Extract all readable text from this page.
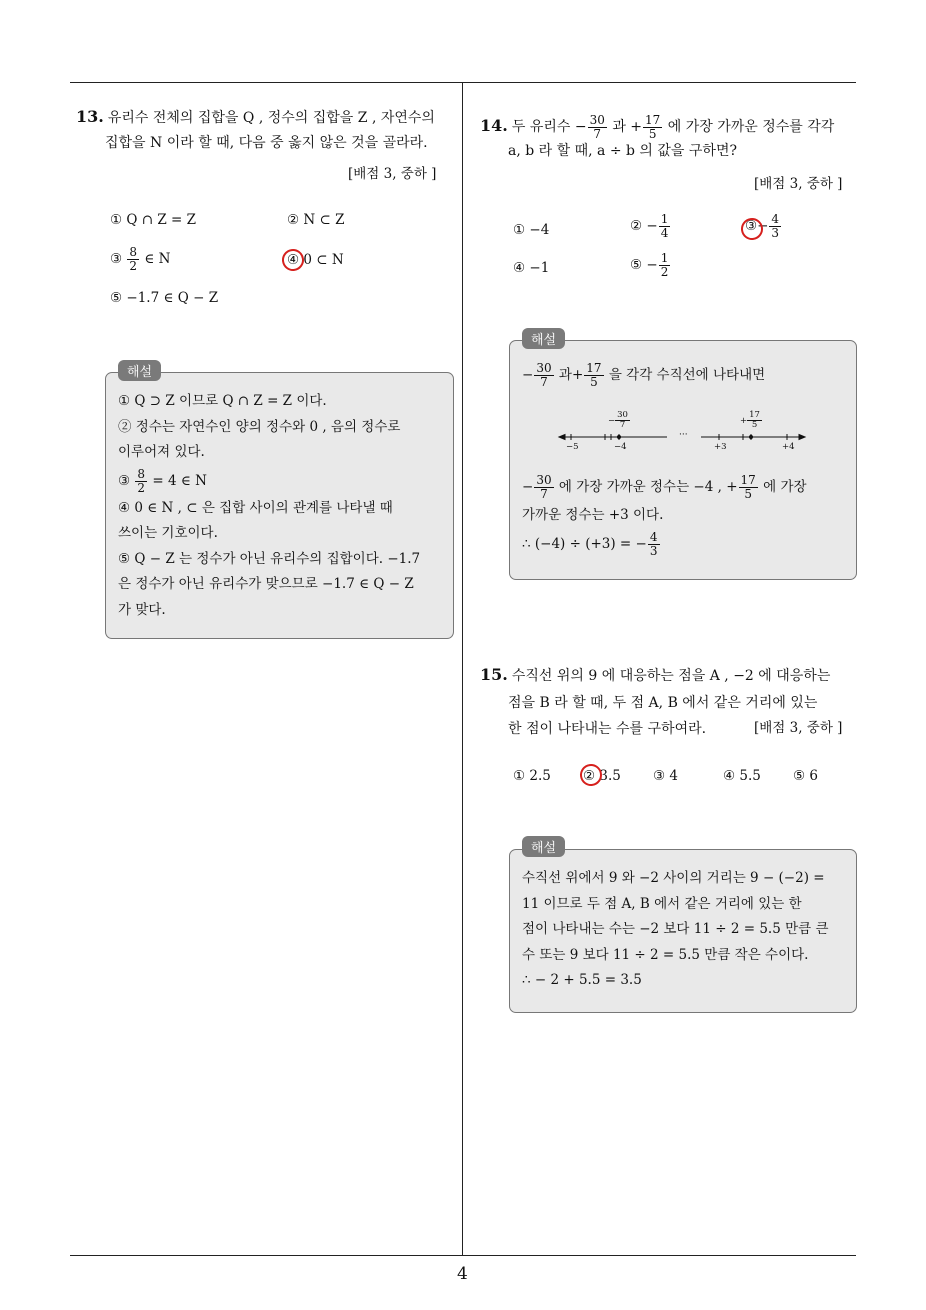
4
13. 유리수 전체의 집합을 Q , 정수의 집합을 Z , 자연수의
집합을 N 이라 할 때, 다음 중 옳지 않은 것을 골라라.
[배점 3, 중하 ]
① Q ∩ Z = Z	② N ⊂ Z
③ $\frac{8}{2}$ ∈ N	④ 0 ⊂ N
⑤ −1.7 ∈ Q − Z
해설
① Q ⊃ Z 이므로 Q ∩ Z = Z 이다.
② 정수는 자연수인 양의 정수와 0 , 음의 정수로
이루어져 있다.
③ $\frac{8}{2} = 4$ ∈ N
④ 0 ∈ N , ⊂ 은 집합 사이의 관계를 나타낼 때
쓰이는 기호이다.
⑤ Q − Z 는 정수가 아닌 유리수의 집합이다. −1.7
은 정수가 아닌 유리수가 맞으므로 −1.7 ∈ Q − Z
가 맞다.
14. 두 유리수 − $\frac{30}{7}$ 과 + $\frac{17}{5}$ 에 가장 가까운 정수를 각각
a, b 라 할 때, a ÷ b 의 값을 구하면?
[배점 3, 중하 ]
① −4	② − $\frac{1}{4}$	③− $\frac{4}{3}$
④ −1	⑤ − $\frac{1}{2}$
해설
− $\frac{30}{7}$ 과+ $\frac{17}{5}$ 을 각각 수직선에 나타내면
− $\frac{30}{7}$	+ $\frac{17}{5}$
−5	−4
···
+3	+4
− $\frac{30}{7}$ 에 가장 가까운 정수는 −4 , + $\frac{17}{5}$ 에 가장
가까운 정수는 +3 이다.
∴ (−4) ÷ (+3) = − $\frac{4}{3}$
15. 수직선 위의 9 에 대응하는 점을 A , −2 에 대응하는
점을 B 라 할 때, 두 점 A, B 에서 같은 거리에 있는
한 점이 나타내는 수를 구하여라.	[배점 3, 중하 ]
① 2.5 ② 3.5 ③ 4	④ 5.5 ⑤ 6
해설
수직선 위에서 9 와 −2 사이의 거리는 9 − (−2) =
11 이므로 두 점 A, B 에서 같은 거리에 있는 한
점이 나타내는 수는 −2 보다 11 ÷ 2 = 5.5 만큼 큰
수 또는 9 보다 11 ÷ 2 = 5.5 만큼 작은 수이다.
∴ − 2 + 5.5 = 3.5
